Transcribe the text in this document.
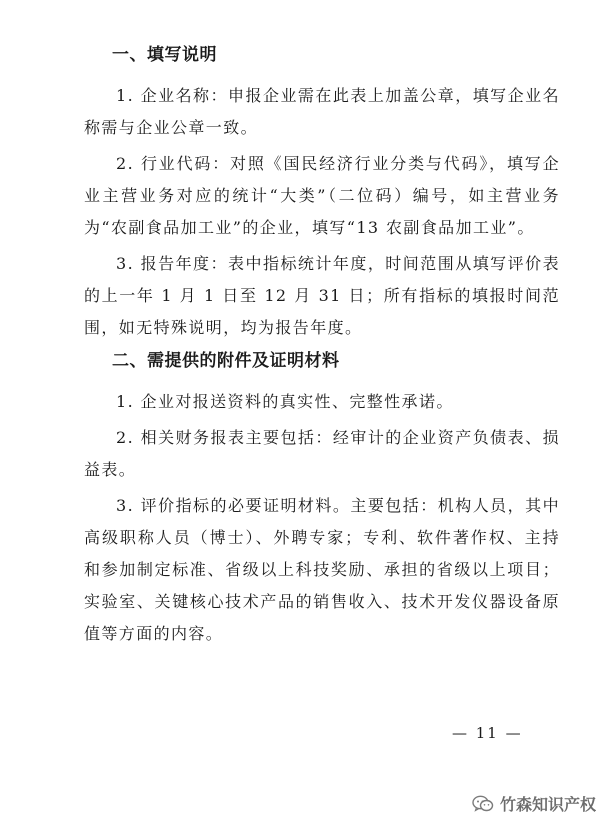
一、填写说明

1. 企业名称：申报企业需在此表上加盖公章，填写企业名称需与企业公章一致。

2. 行业代码：对照《国民经济行业分类与代码》，填写企业主营业务对应的统计“大类”（二位码）编号，如主营业务为“农副食品加工业”的企业，填写“13 农副食品加工业”。

3. 报告年度：表中指标统计年度，时间范围从填写评价表的上一年 1 月 1 日至 12 月 31 日；所有指标的填报时间范围，如无特殊说明，均为报告年度。

二、需提供的附件及证明材料

1. 企业对报送资料的真实性、完整性承诺。

2. 相关财务报表主要包括：经审计的企业资产负债表、损益表。

3. 评价指标的必要证明材料。主要包括：机构人员，其中高级职称人员（博士）、外聘专家；专利、软件著作权、主持和参加制定标准、省级以上科技奖励、承担的省级以上项目；实验室、关键核心技术产品的销售收入、技术开发仪器设备原值等方面的内容。

— 11 —
竹森知识产权
